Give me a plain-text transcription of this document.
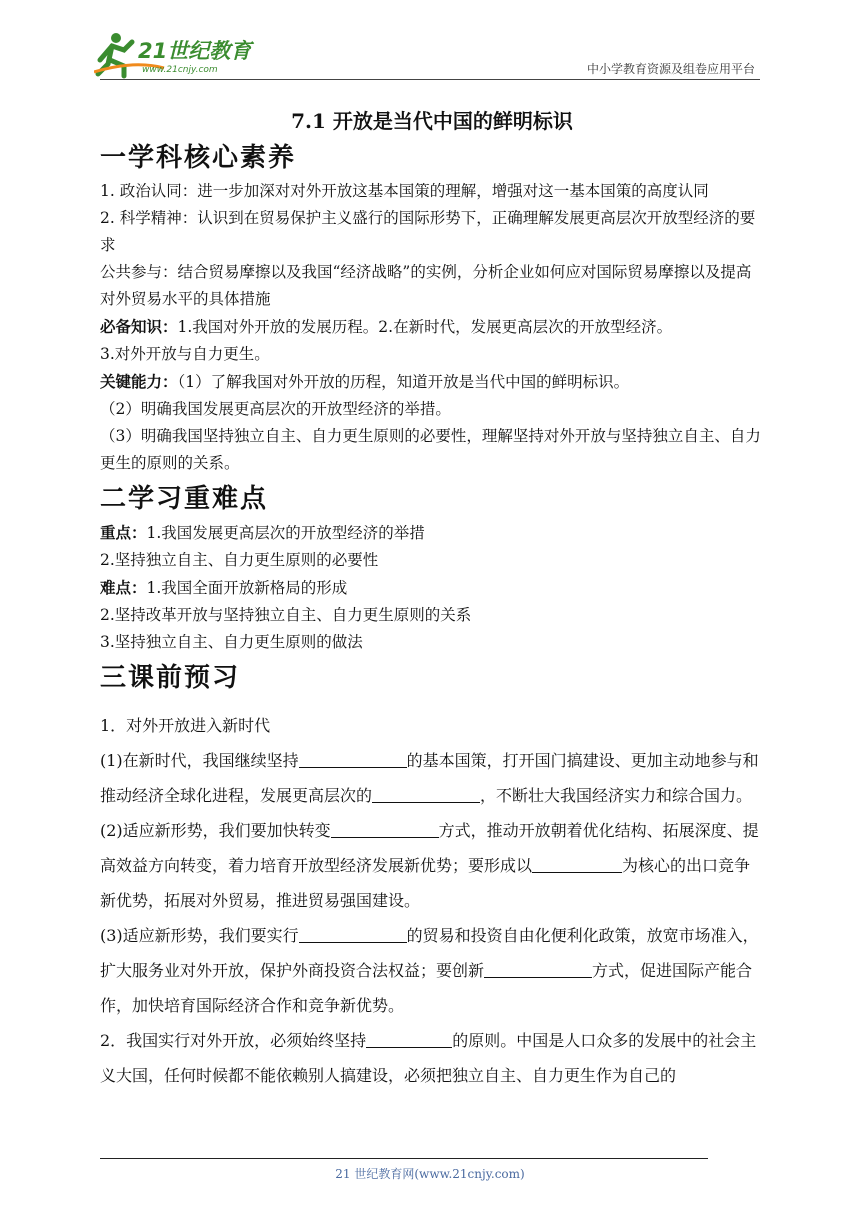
21世纪教育
www.21cnjy.com	中小学教育资源及组卷应用平台
7.1 开放是当代中国的鲜明标识
一学科核心素养

1. 政治认同：进一步加深对对外开放这基本国策的理解，增强对这一基本国策的高度认同

2. 科学精神：认识到在贸易保护主义盛行的国际形势下，正确理解发展更高层次开放型经济的要求

公共参与：结合贸易摩擦以及我国“经济战略”的实例，分析企业如何应对国际贸易摩擦以及提高对外贸易水平的具体措施

必备知识：1.我国对外开放的发展历程。2.在新时代，发展更高层次的开放型经济。

3.对外开放与自力更生。

关键能力：（1）了解我国对外开放的历程，知道开放是当代中国的鲜明标识。

（2）明确我国发展更高层次的开放型经济的举措。

（3）明确我国坚持独立自主、自力更生原则的必要性，理解坚持对外开放与坚持独立自主、自力更生的原则的关系。

二学习重难点

重点：1.我国发展更高层次的开放型经济的举措

2.坚持独立自主、自力更生原则的必要性

难点：1.我国全面开放新格局的形成

2.坚持改革开放与坚持独立自主、自力更生原则的关系

3.坚持独立自主、自力更生原则的做法

三课前预习

1．对外开放进入新时代

(1)在新时代，我国继续坚持	的基本国策，打开国门搞建设、更加主动地参与和推动经济全球化进程，发展更高层次的	，不断壮大我国经济实力和综合国力。

(2)适应新形势，我们要加快转变	方式，推动开放朝着优化结构、拓展深度、提高效益方向转变，着力培育开放型经济发展新优势；要形成以	为核心的出口竞争新优势，拓展对外贸易，推进贸易强国建设。

(3)适应新形势，我们要实行	的贸易和投资自由化便利化政策，放宽市场准入，扩大服务业对外开放，保护外商投资合法权益；要创新	方式，促进国际产能合作，加快培育国际经济合作和竞争新优势。

2．我国实行对外开放，必须始终坚持	的原则。中国是人口众多的发展中的社会主义大国，任何时候都不能依赖别人搞建设，必须把独立自主、自力更生作为自己的

21 世纪教育网(www.21cnjy.com)
